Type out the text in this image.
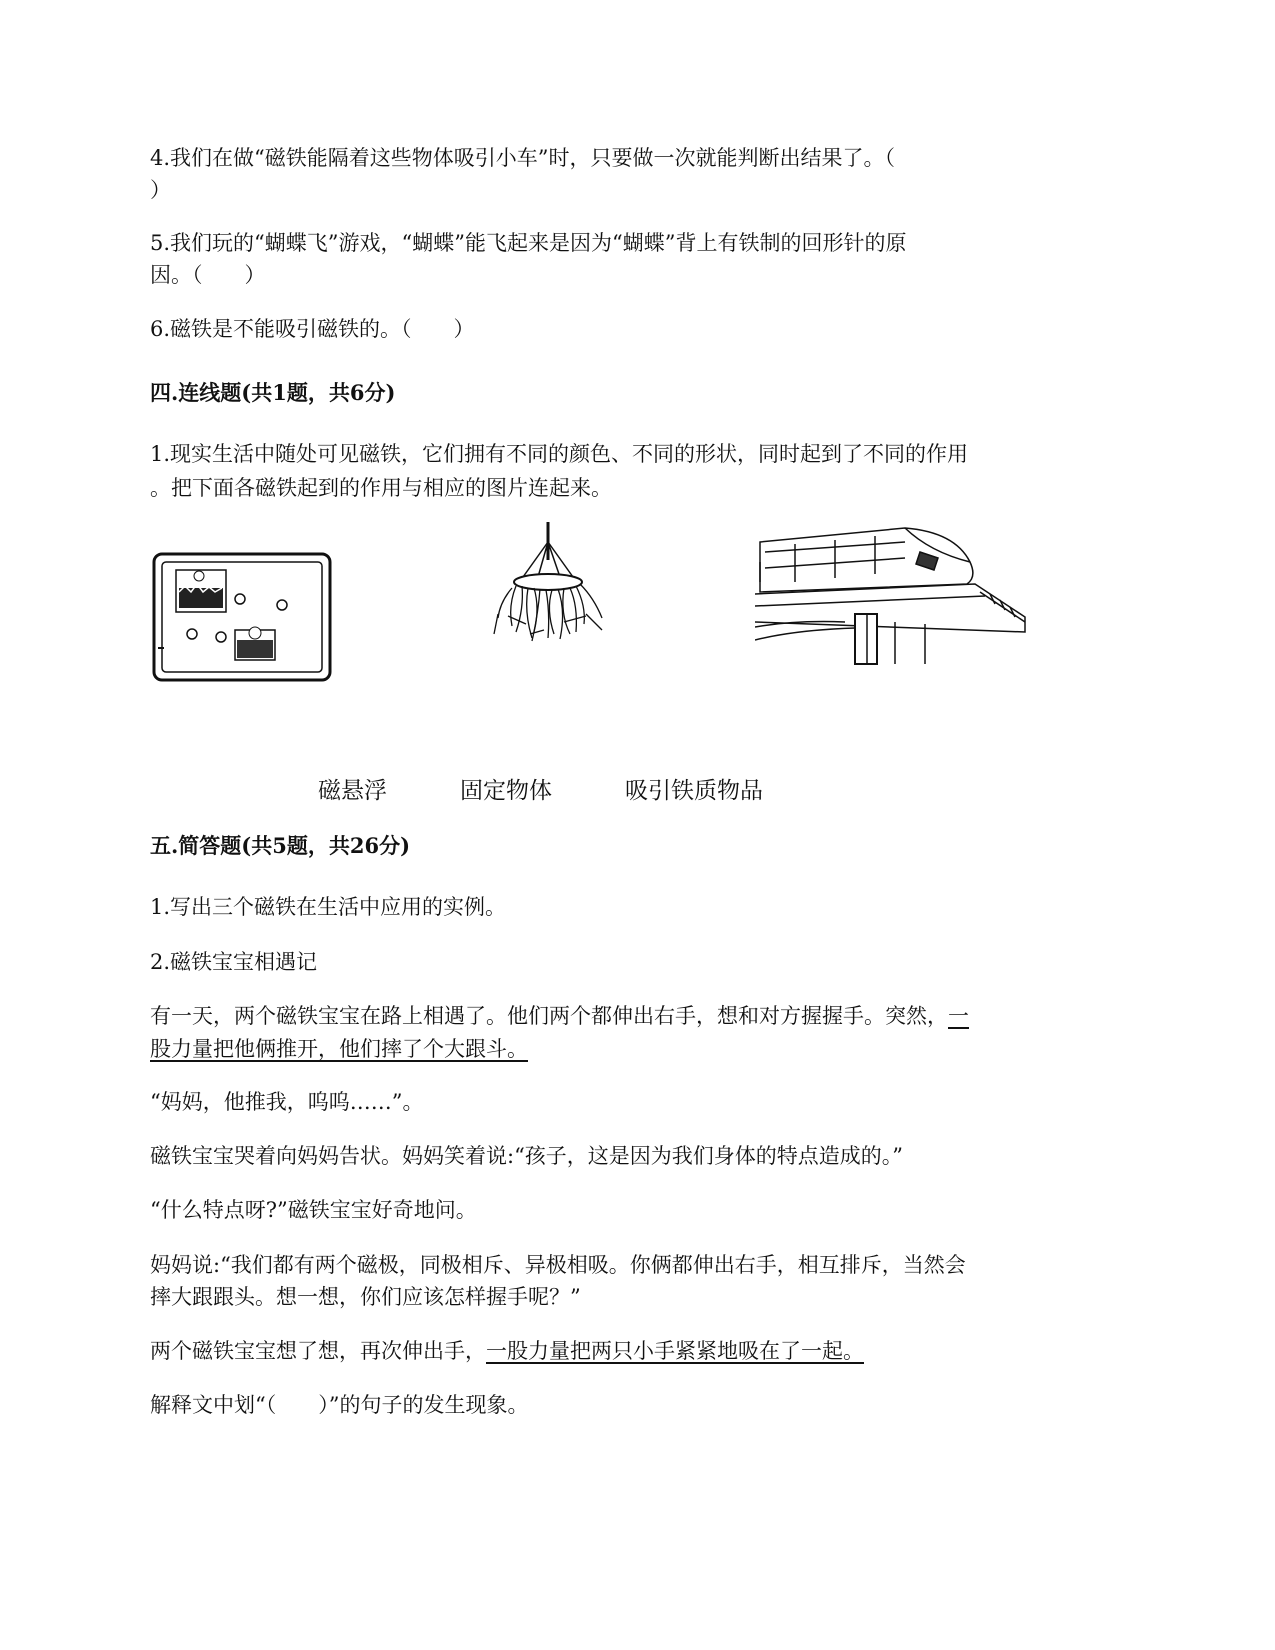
4.我们在做“磁铁能隔着这些物体吸引小车”时，只要做一次就能判断出结果了。（
）
5.我们玩的“蝴蝶飞”游戏，“蝴蝶”能飞起来是因为“蝴蝶”背上有铁制的回形针的原
因。（　　）
6.磁铁是不能吸引磁铁的。（　　）
四.连线题(共1题，共6分)
1.现实生活中随处可见磁铁，它们拥有不同的颜色、不同的形状，同时起到了不同的作用
。把下面各磁铁起到的作用与相应的图片连起来。
磁悬浮	固定物体	吸引铁质物品
五.简答题(共5题，共26分)
1.写出三个磁铁在生活中应用的实例。
2.磁铁宝宝相遇记
有一天，两个磁铁宝宝在路上相遇了。他们两个都伸出右手，想和对方握握手。突然，一
股力量把他俩推开，他们摔了个大跟斗。
“妈妈，他推我，呜呜……”。
磁铁宝宝哭着向妈妈告状。妈妈笑着说:“孩子，这是因为我们身体的特点造成的。”
“什么特点呀?”磁铁宝宝好奇地问。
妈妈说:“我们都有两个磁极，同极相斥、异极相吸。你俩都伸出右手，相互排斥，当然会
摔大跟跟头。想一想，你们应该怎样握手呢？”
两个磁铁宝宝想了想，再次伸出手，一股力量把两只小手紧紧地吸在了一起。
解释文中划“（　　）”的句子的发生现象。
